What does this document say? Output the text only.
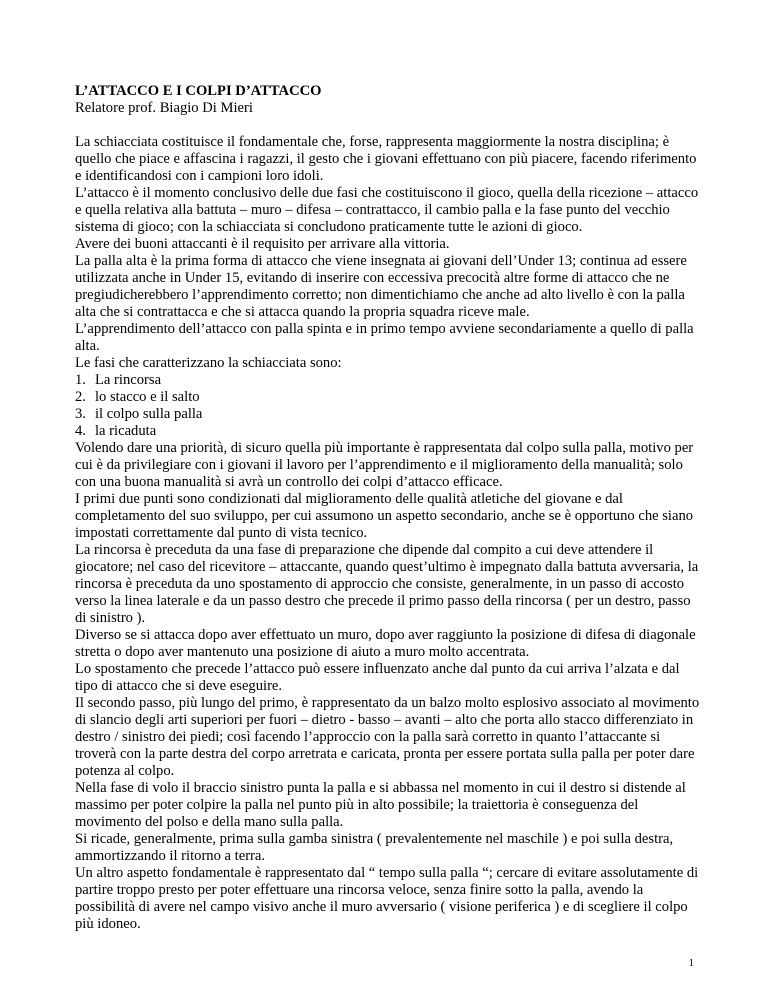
L’ATTACCO E I COLPI D’ATTACCO

Relatore prof. Biagio Di Mieri

La schiacciata costituisce il fondamentale che, forse, rappresenta maggiormente la nostra disciplina; è quello che piace e affascina i ragazzi, il gesto che i giovani effettuano con più piacere, facendo riferimento e identificandosi con i campioni loro idoli.

L’attacco è il momento conclusivo delle due fasi che costituiscono il gioco, quella della ricezione – attacco e quella relativa alla battuta – muro – difesa – contrattacco, il cambio palla e la fase punto del vecchio sistema di gioco; con la schiacciata si concludono praticamente tutte le azioni di gioco.

Avere dei buoni attaccanti è il requisito per arrivare alla vittoria.

La palla alta è la prima forma di attacco che viene insegnata ai giovani dell’Under 13; continua ad essere utilizzata anche in Under 15, evitando di inserire con eccessiva precocità altre forme di attacco che ne pregiudicherebbero l’apprendimento corretto; non dimentichiamo che anche ad alto livello è con la palla alta che si contrattacca e che si attacca quando la propria squadra riceve male.

L’apprendimento dell’attacco con palla spinta e in primo tempo avviene secondariamente a quello di palla alta.

Le fasi che caratterizzano la schiacciata sono:

1. La rincorsa
2. lo stacco e il salto
3. il colpo sulla palla
4. la ricaduta

Volendo dare una priorità, di sicuro quella più importante è rappresentata dal colpo sulla palla, motivo per cui è da privilegiare con i giovani il lavoro per l’apprendimento e il miglioramento della manualità; solo con una buona manualità si avrà un controllo dei colpi d’attacco efficace.

I primi due punti sono condizionati dal miglioramento delle qualità atletiche del giovane e dal completamento del suo sviluppo, per cui assumono un aspetto secondario, anche se è opportuno che siano impostati correttamente dal punto di vista tecnico.

La rincorsa è preceduta da una fase di preparazione che dipende dal compito a cui deve attendere il giocatore; nel caso del ricevitore – attaccante, quando quest’ultimo è impegnato dalla battuta avversaria, la rincorsa è preceduta da uno spostamento di approccio che consiste, generalmente, in un passo di accosto verso la linea laterale e da un passo destro che precede il primo passo della rincorsa ( per un destro, passo di sinistro ).

Diverso se si attacca dopo aver effettuato un muro, dopo aver raggiunto la posizione di difesa di diagonale stretta o dopo aver mantenuto una posizione di aiuto a muro molto accentrata.

Lo spostamento che precede l’attacco può essere influenzato anche dal punto da cui arriva l’alzata e dal tipo di attacco che si deve eseguire.

Il secondo passo, più lungo del primo, è rappresentato da un balzo molto esplosivo associato al movimento di slancio degli arti superiori per fuori – dietro - basso – avanti – alto che porta allo stacco differenziato in destro / sinistro dei piedi; così facendo l’approccio con la palla sarà corretto in quanto l’attaccante si troverà con la parte destra del corpo arretrata e caricata, pronta per essere portata sulla palla per poter dare potenza al colpo.

Nella fase di volo il braccio sinistro punta la palla e si abbassa nel momento in cui il destro si distende al massimo per poter colpire la palla nel punto più in alto possibile; la traiettoria è conseguenza del movimento del polso e della mano sulla palla.

Si ricade, generalmente, prima sulla gamba sinistra ( prevalentemente nel maschile ) e poi sulla destra, ammortizzando il ritorno a terra.

Un altro aspetto fondamentale è rappresentato dal “ tempo sulla palla “; cercare di evitare assolutamente di partire troppo presto per poter effettuare una rincorsa veloce, senza finire sotto la palla, avendo la possibilità di avere nel campo visivo anche il muro avversario ( visione periferica ) e di scegliere il colpo più idoneo.

1
